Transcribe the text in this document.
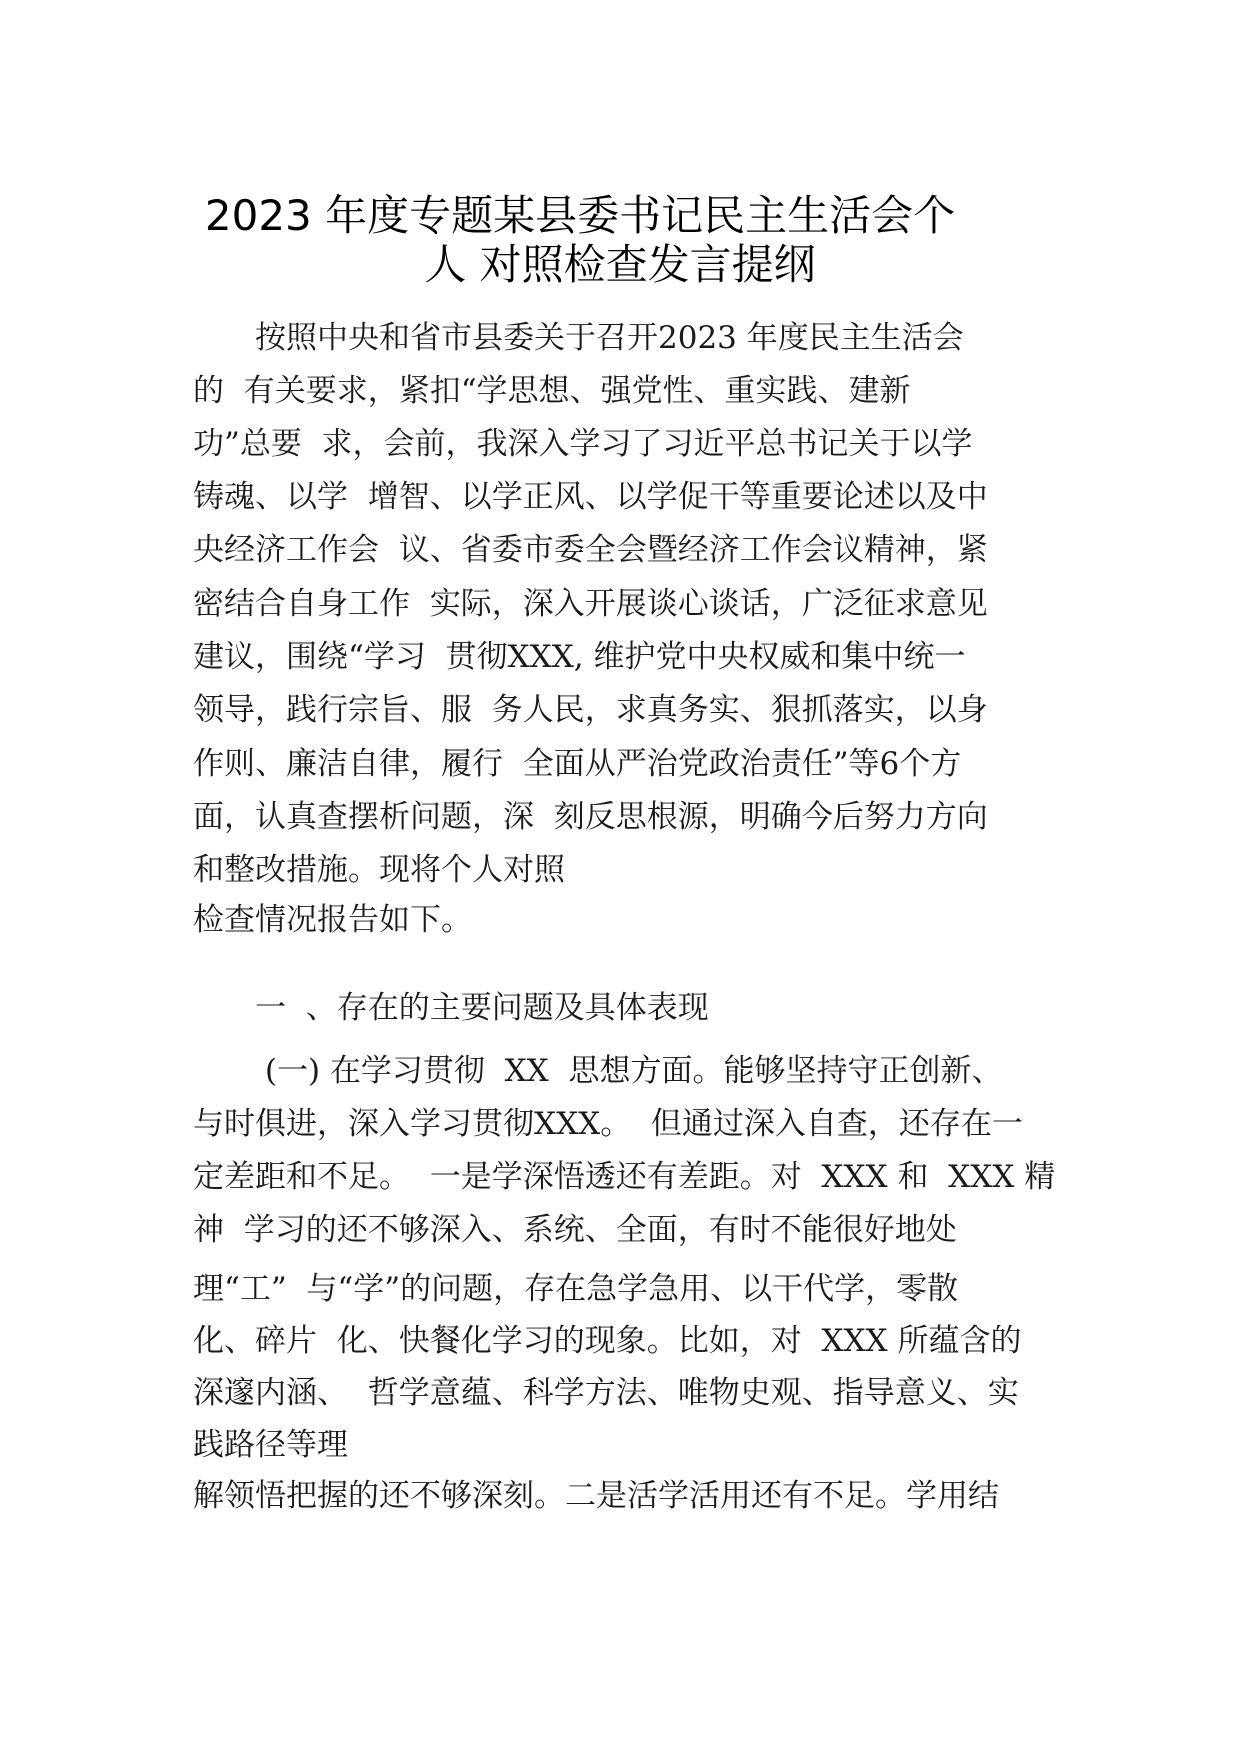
2023 年度专题某县委书记民主生活会个
人 对照检查发言提纲
　　按照中央和省市县委关于召开2023 年度民主生活会
的  有关要求，紧扣“学思想、强党性、重实践、建新
功”总要  求，会前，我深入学习了习近平总书记关于以学
铸魂、以学  增智、以学正风、以学促干等重要论述以及中
央经济工作会  议、省委市委全会暨经济工作会议精神，紧
密结合自身工作  实际，深入开展谈心谈话，广泛征求意见
建议，围绕“学习  贯彻XXX, 维护党中央权威和集中统一
领导，践行宗旨、服  务人民，求真务实、狠抓落实，以身
作则、廉洁自律，履行  全面从严治党政治责任”等6个方
面，认真查摆析问题，深  刻反思根源，明确今后努力方向
和整改措施。现将个人对照
检查情况报告如下。
　　一  、存在的主要问题及具体表现
　　 (一) 在学习贯彻  XX  思想方面。能够坚持守正创新、
与时俱进，深入学习贯彻XXX。  但通过深入自查，还存在一
定差距和不足。  一是学深悟透还有差距。对  XXX 和  XXX 精
神  学习的还不够深入、系统、全面，有时不能很好地处
理“工”  与“学”的问题，存在急学急用、以干代学，零散
化、碎片  化、快餐化学习的现象。比如，对  XXX 所蕴含的
深邃内涵、  哲学意蕴、科学方法、唯物史观、指导意义、实
践路径等理
解领悟把握的还不够深刻。二是活学活用还有不足。学用结
